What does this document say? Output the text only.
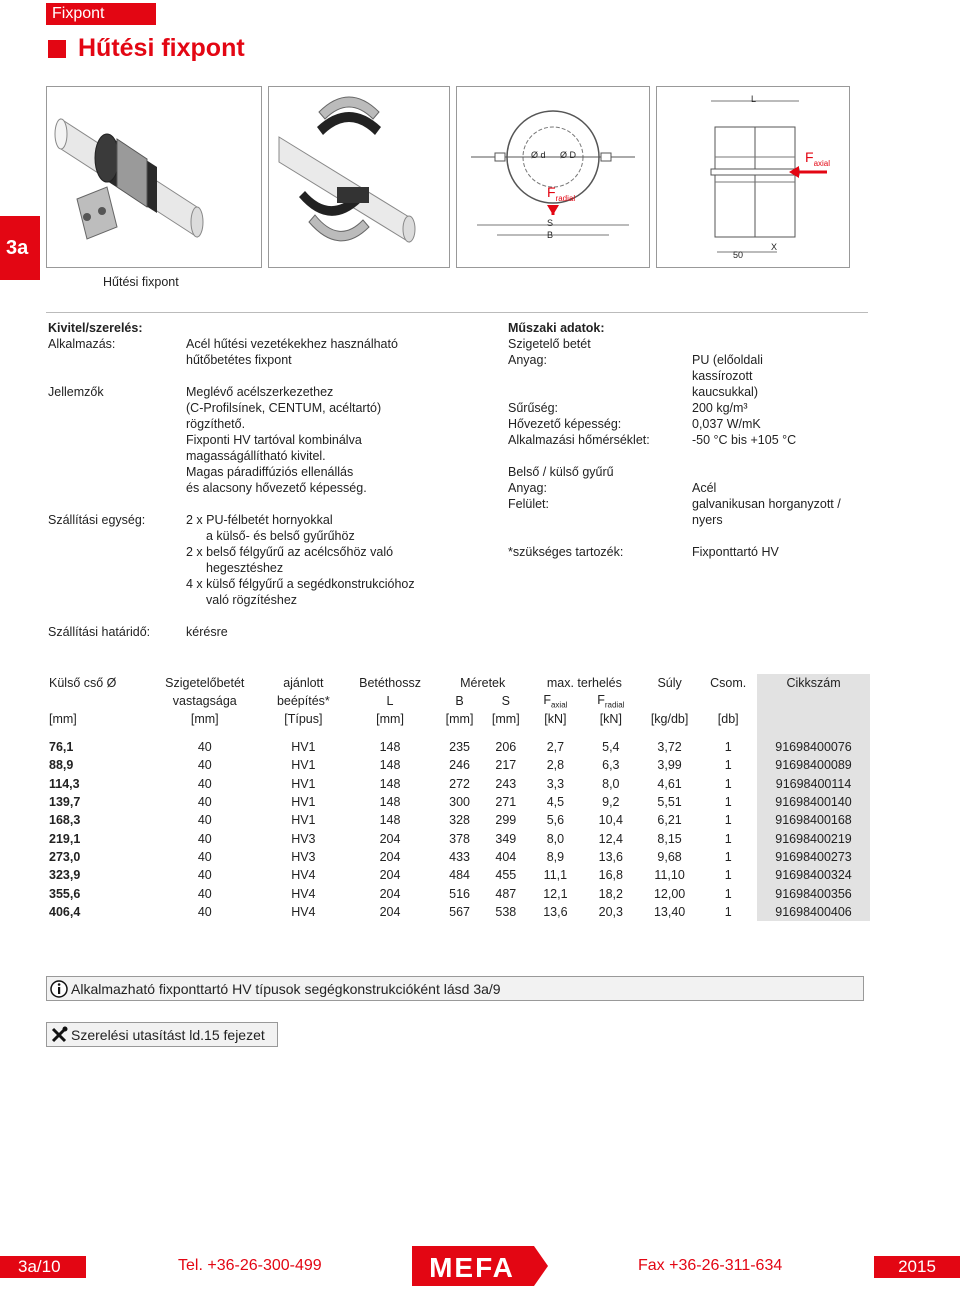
Fixpont
Hűtési fixpont
3a
Ø d Ø D
$F_{radial}$
S
B
L
$F_{axial}$
50
X
Hűtési fixpont
Kivitel/szerelés:
Alkalmazás:	Acél hűtési vezetékekhez használható
hűtőbetétes fixpont
Jellemzők	Meglévő acélszerkezethez
(C-Profilsínek, CENTUM, acéltartó)
rögzíthető.
Fixponti HV tartóval kombinálva
magasságállítható kivitel.
Magas páradiffúziós ellenállás
és alacsony hővezető képesség.
Szállítási egység:	2 x PU-félbetét hornyokkal
a külső- és belső gyűrűhöz
2 x belső félgyűrű az acélcsőhöz való
hegesztéshez
4 x külső félgyűrű a segédkonstrukcióhoz
való rögzítéshez
Szállítási határidő:	kérésre
Műszaki adatok:
Szigetelő betét
Anyag:	PU (előoldali
kassírozott
kaucsukkal)
Sűrűség:	200 kg/m³
Hővezető képesség:	0,037 W/mK
Alkalmazási hőmérséklet:	-50 °C bis +105 °C
Belső / külső gyűrű
Anyag:	Acél
Felület:	galvanikusan horganyzott /
nyers
*szükséges tartozék:	Fixponttartó HV
Külső cső Ø	Szigetelőbetét	ajánlott	Betéthossz	Méretek		max. terhelés		Súly	Csom.	Cikkszám
	vastagsága	beépítés*	L	B	S	$F_{axial}$	$F_{radial}$			
[mm]	[mm]	[Típus]	[mm]	[mm]	[mm]	[kN]	[kN]	[kg/db]	[db]	

76,1	40	HV1	148	235	206	2,7	5,4	3,72	1	91698400076
88,9	40	HV1	148	246	217	2,8	6,3	3,99	1	91698400089
114,3	40	HV1	148	272	243	3,3	8,0	4,61	1	91698400114
139,7	40	HV1	148	300	271	4,5	9,2	5,51	1	91698400140
168,3	40	HV1	148	328	299	5,6	10,4	6,21	1	91698400168
219,1	40	HV3	204	378	349	8,0	12,4	8,15	1	91698400219
273,0	40	HV3	204	433	404	8,9	13,6	9,68	1	91698400273
323,9	40	HV4	204	484	455	11,1	16,8	11,10	1	91698400324
355,6	40	HV4	204	516	487	12,1	18,2	12,00	1	91698400356
406,4	40	HV4	204	567	538	13,6	20,3	13,40	1	91698400406
Alkalmazható fixponttartó HV típusok segégkonstrukcióként lásd 3a/9
Szerelési utasítást ld.15 fejezet
3a/10	Tel. +36-26-300-499	MEFA	Fax +36-26-311-634	2015
